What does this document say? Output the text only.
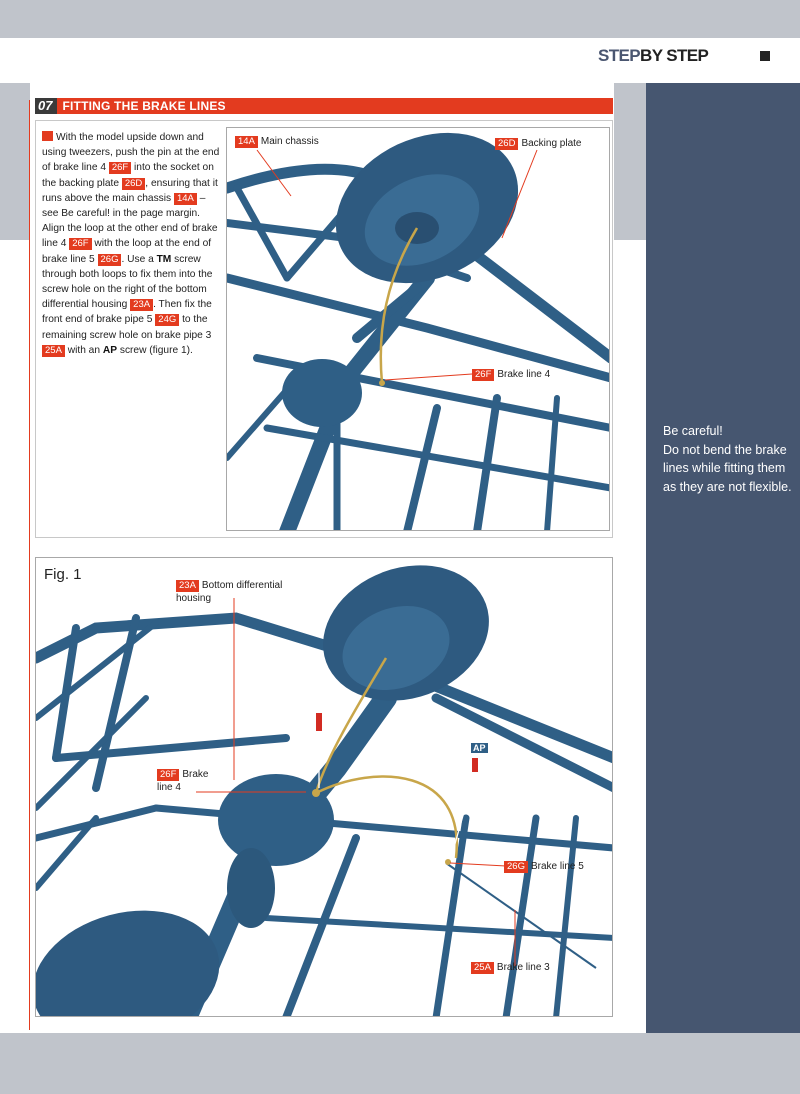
STEPBY STEP
07 FITTING THE BRAKE LINES
With the model upside down and using tweezers, push the pin at the end of brake line 4 26F into the socket on the backing plate 26D , ensuring that it runs above the main chassis 14A – see Be careful! in the page margin. Align the loop at the other end of brake line 4 26F with the loop at the end of brake line 5 26G . Use a TM screw through both loops to fix them into the screw hole on the right of the bottom differential housing 23A . Then fix the front end of brake pipe 5 24G to the remaining screw hole on brake pipe 3 25A with an AP screw (figure 1).
14A Main chassis	26D Backing plate
26F Brake line 4
Fig. 1
TM
AP
23A Bottom differential housing
26F Brake line 4
26G Brake line 5
25A Brake line 3
Be careful!
Do not bend the brake lines while fitting them as they are not flexible.
